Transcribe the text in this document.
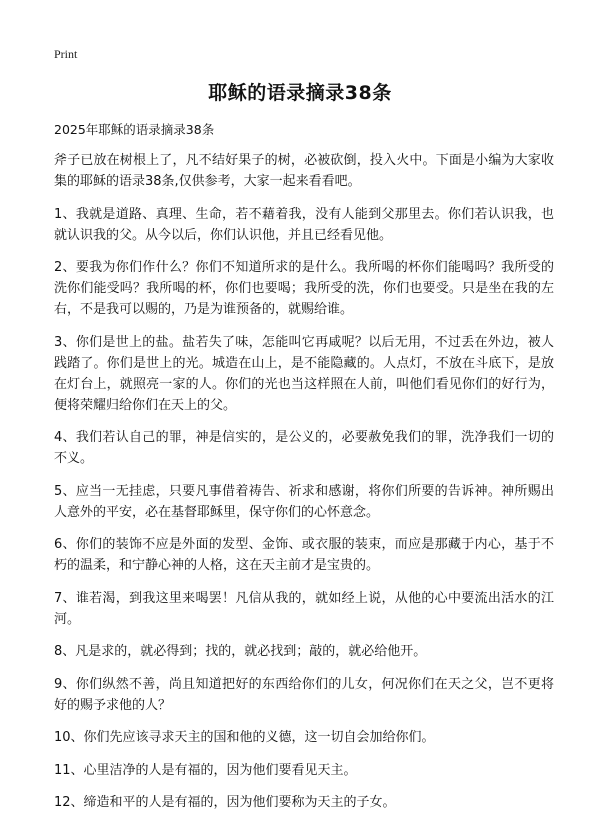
Print
耶稣的语录摘录38条

2025年耶稣的语录摘录38条

斧子已放在树根上了，凡不结好果子的树，必被砍倒，投入火中。下面是小编为大家收集的耶稣的语录38条,仅供参考，大家一起来看看吧。

1、我就是道路、真理、生命，若不藉着我，没有人能到父那里去。你们若认识我，也就认识我的父。从今以后，你们认识他，并且已经看见他。

2、要我为你们作什么？你们不知道所求的是什么。我所喝的杯你们能喝吗？我所受的洗你们能受吗？我所喝的杯，你们也要喝；我所受的洗，你们也要受。只是坐在我的左右，不是我可以赐的，乃是为谁预备的，就赐给谁。

3、你们是世上的盐。盐若失了味，怎能叫它再咸呢？以后无用，不过丢在外边，被人践踏了。你们是世上的光。城造在山上，是不能隐藏的。人点灯，不放在斗底下，是放在灯台上，就照亮一家的人。你们的光也当这样照在人前，叫他们看见你们的好行为，便将荣耀归给你们在天上的父。

4、我们若认自己的罪，神是信实的，是公义的，必要赦免我们的罪，洗净我们一切的不义。

5、应当一无挂虑，只要凡事借着祷告、祈求和感谢，将你们所要的告诉神。神所赐出人意外的平安，必在基督耶稣里，保守你们的心怀意念。

6、你们的装饰不应是外面的发型、金饰、或衣服的装束，而应是那藏于内心，基于不朽的温柔，和宁静心神的人格，这在天主前才是宝贵的。

7、谁若渴，到我这里来喝罢！凡信从我的，就如经上说，从他的心中要流出活水的江河。

8、凡是求的，就必得到；找的，就必找到；敲的，就必给他开。

9、你们纵然不善，尚且知道把好的东西给你们的儿女，何况你们在天之父，岂不更将好的赐予求他的人？

10、你们先应该寻求天主的国和他的义德，这一切自会加给你们。

11、心里洁净的人是有福的，因为他们要看见天主。

12、缔造和平的人是有福的，因为他们要称为天主的子女。
